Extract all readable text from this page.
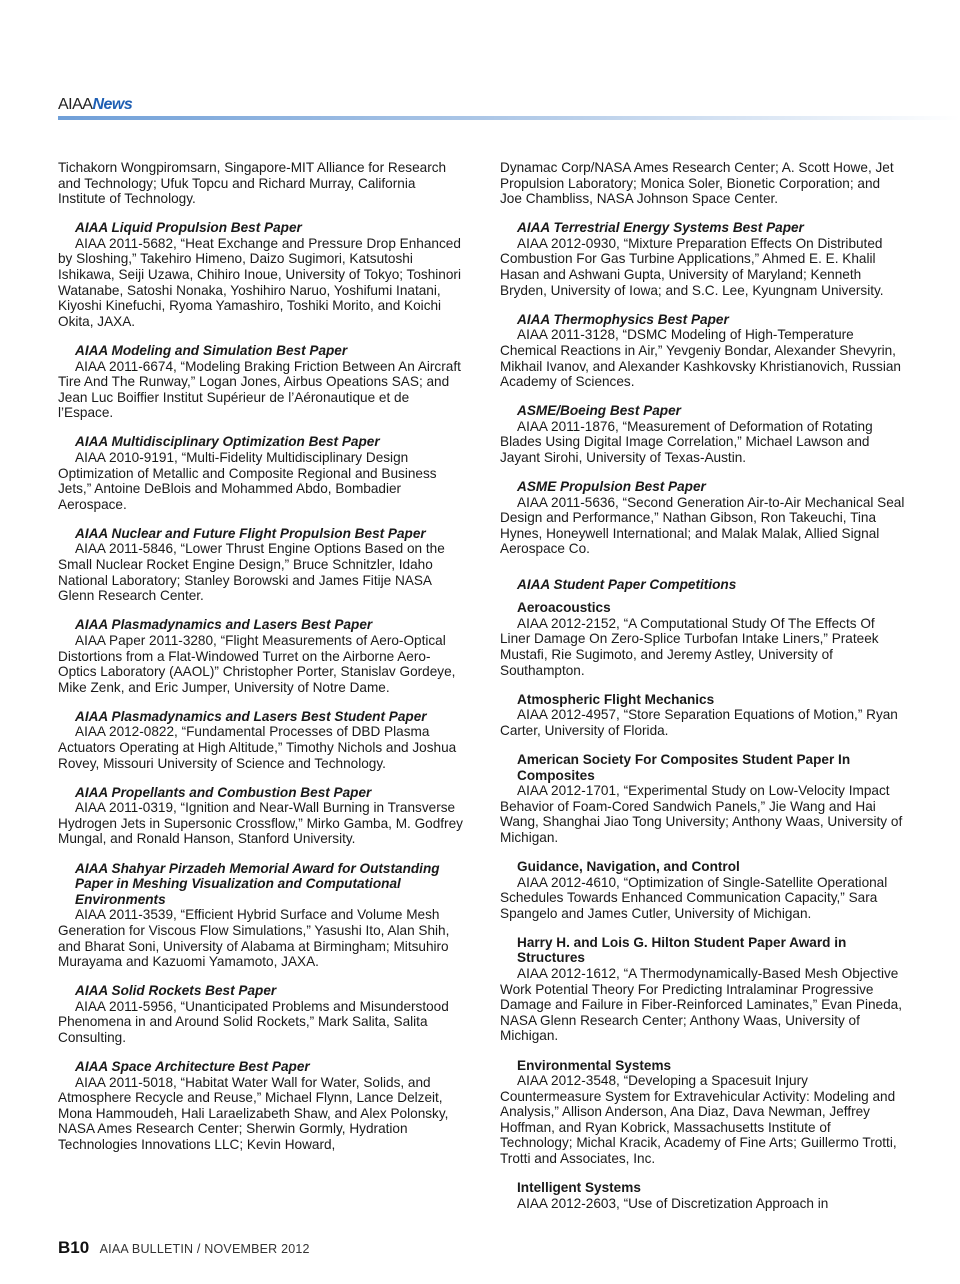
AIAANews
Tichakorn Wongpiromsarn, Singapore-MIT Alliance for Research and Technology; Ufuk Topcu and Richard Murray, California Institute of Technology.
AIAA Liquid Propulsion Best Paper
AIAA 2011-5682, “Heat Exchange and Pressure Drop Enhanced by Sloshing,” Takehiro Himeno, Daizo Sugimori, Katsutoshi Ishikawa, Seiji Uzawa, Chihiro Inoue, University of Tokyo; Toshinori Watanabe, Satoshi Nonaka, Yoshihiro Naruo, Yoshifumi Inatani, Kiyoshi Kinefuchi, Ryoma Yamashiro, Toshiki Morito, and Koichi Okita, JAXA.
AIAA Modeling and Simulation Best Paper
AIAA 2011-6674, “Modeling Braking Friction Between An Aircraft Tire And The Runway,” Logan Jones, Airbus Opeations SAS; and Jean Luc Boiffier Institut Supérieur de l’Aéronautique et de l’Espace.
AIAA Multidisciplinary Optimization Best Paper
AIAA 2010-9191, “Multi-Fidelity Multidisciplinary Design Optimization of Metallic and Composite Regional and Business Jets,” Antoine DeBlois and Mohammed Abdo, Bombadier Aerospace.
AIAA Nuclear and Future Flight Propulsion Best Paper
AIAA 2011-5846, “Lower Thrust Engine Options Based on the Small Nuclear Rocket Engine Design,” Bruce Schnitzler, Idaho National Laboratory; Stanley Borowski and James Fitije NASA Glenn Research Center.
AIAA Plasmadynamics and Lasers Best Paper
AIAA Paper 2011-3280, “Flight Measurements of Aero-Optical Distortions from a Flat-Windowed Turret on the Airborne Aero-Optics Laboratory (AAOL)” Christopher Porter, Stanislav Gordeye, Mike Zenk, and Eric Jumper, University of Notre Dame.
AIAA Plasmadynamics and Lasers Best Student Paper
AIAA 2012-0822, “Fundamental Processes of DBD Plasma Actuators Operating at High Altitude,” Timothy Nichols and Joshua Rovey, Missouri University of Science and Technology.
AIAA Propellants and Combustion Best Paper
AIAA 2011-0319, “Ignition and Near-Wall Burning in Transverse Hydrogen Jets in Supersonic Crossflow,” Mirko Gamba, M. Godfrey Mungal, and Ronald Hanson, Stanford University.
AIAA Shahyar Pirzadeh Memorial Award for Outstanding Paper in Meshing Visualization and Computational Environments
AIAA 2011-3539, “Efficient Hybrid Surface and Volume Mesh Generation for Viscous Flow Simulations,” Yasushi Ito, Alan Shih, and Bharat Soni, University of Alabama at Birmingham; Mitsuhiro Murayama and Kazuomi Yamamoto, JAXA.
AIAA Solid Rockets Best Paper
AIAA 2011-5956, “Unanticipated Problems and Misunderstood Phenomena in and Around Solid Rockets,” Mark Salita, Salita Consulting.
AIAA Space Architecture Best Paper
AIAA 2011-5018, “Habitat Water Wall for Water, Solids, and Atmosphere Recycle and Reuse,” Michael Flynn, Lance Delzeit, Mona Hammoudeh, Hali Laraelizabeth Shaw, and Alex Polonsky, NASA Ames Research Center; Sherwin Gormly, Hydration Technologies Innovations LLC; Kevin Howard,
Dynamac Corp/NASA Ames Research Center; A. Scott Howe, Jet Propulsion Laboratory; Monica Soler, Bionetic Corporation; and Joe Chambliss, NASA Johnson Space Center.
AIAA Terrestrial Energy Systems Best Paper
AIAA 2012-0930, “Mixture Preparation Effects On Distributed Combustion For Gas Turbine Applications,” Ahmed E. E. Khalil Hasan and Ashwani Gupta, University of Maryland; Kenneth Bryden, University of Iowa; and S.C. Lee, Kyungnam University.
AIAA Thermophysics Best Paper
AIAA 2011-3128, “DSMC Modeling of High-Temperature Chemical Reactions in Air,” Yevgeniy Bondar, Alexander Shevyrin, Mikhail Ivanov, and Alexander Kashkovsky Khristianovich, Russian Academy of Sciences.
ASME/Boeing Best Paper
AIAA 2011-1876, “Measurement of Deformation of Rotating Blades Using Digital Image Correlation,” Michael Lawson and Jayant Sirohi, University of Texas-Austin.
ASME Propulsion Best Paper
AIAA 2011-5636, “Second Generation Air-to-Air Mechanical Seal Design and Performance,” Nathan Gibson, Ron Takeuchi, Tina Hynes, Honeywell International; and Malak Malak, Allied Signal Aerospace Co.
AIAA Student Paper Competitions
Aeroacoustics
AIAA 2012-2152, “A Computational Study Of The Effects Of Liner Damage On Zero-Splice Turbofan Intake Liners,” Prateek Mustafi, Rie Sugimoto, and Jeremy Astley, University of Southampton.
Atmospheric Flight Mechanics
AIAA 2012-4957, “Store Separation Equations of Motion,” Ryan Carter, University of Florida.
American Society For Composites Student Paper In Composites
AIAA 2012-1701, “Experimental Study on Low-Velocity Impact Behavior of Foam-Cored Sandwich Panels,” Jie Wang and Hai Wang, Shanghai Jiao Tong University; Anthony Waas, University of Michigan.
Guidance, Navigation, and Control
AIAA 2012-4610, “Optimization of Single-Satellite Operational Schedules Towards Enhanced Communication Capacity,” Sara Spangelo and James Cutler, University of Michigan.
Harry H. and Lois G. Hilton Student Paper Award in Structures
AIAA 2012-1612, “A Thermodynamically-Based Mesh Objective Work Potential Theory For Predicting Intralaminar Progressive Damage and Failure in Fiber-Reinforced Laminates,” Evan Pineda, NASA Glenn Research Center; Anthony Waas, University of Michigan.
Environmental Systems
AIAA 2012-3548, “Developing a Spacesuit Injury Countermeasure System for Extravehicular Activity: Modeling and Analysis,” Allison Anderson, Ana Diaz, Dava Newman, Jeffrey Hoffman, and Ryan Kobrick, Massachusetts Institute of Technology; Michal Kracik, Academy of Fine Arts; Guillermo Trotti, Trotti and Associates, Inc.
Intelligent Systems
AIAA 2012-2603, “Use of Discretization Approach in
B10 AIAA BULLETIN / NOVEMBER 2012
